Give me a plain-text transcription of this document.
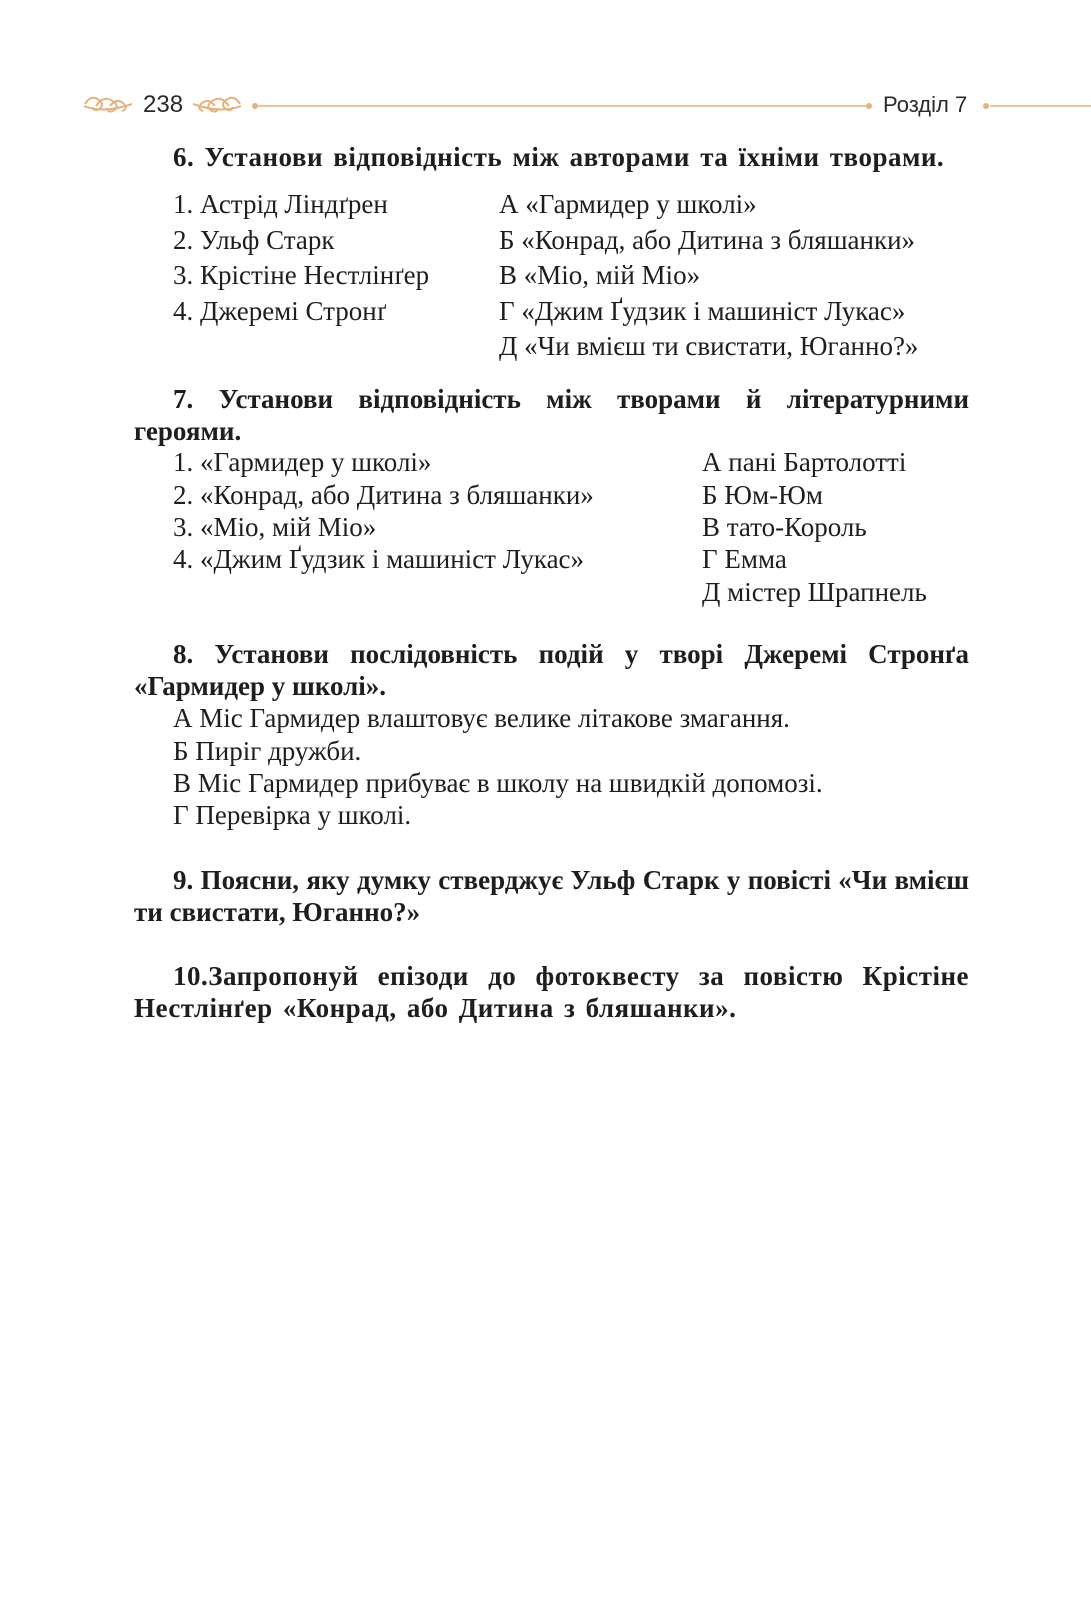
238	Розділ 7

6. Установи відповідність між авторами та їхніми творами.

1. Астрід Ліндґрен	А «Гармидер у школі»
2. Ульф Старк	Б «Конрад, або Дитина з бляшанки»
3. Крістіне Нестлінґер	В «Міо, мій Міо»
4. Джеремі Стронґ	Г «Джим Ґудзик і машиніст Лукас»
Д «Чи вмієш ти свистати, Юганно?»

7. Установи відповідність між творами й літературними героями.

1. «Гармидер у школі»	А пані Бартолотті
2. «Конрад, або Дитина з бляшанки»	Б Юм-Юм
3. «Міо, мій Міо»	В тато-Король
4. «Джим Ґудзик і машиніст Лукас»	Г Емма
Д містер Шрапнель

8. Установи послідовність подій у творі Джеремі Стронґа «Гармидер у школі».

А Міс Гармидер влаштовує велике літакове змагання.
Б Пиріг дружби.
В Міс Гармидер прибуває в школу на швидкій допомозі.
Г Перевірка у школі.

9. Поясни, яку думку стверджує Ульф Старк у повісті «Чи вмієш ти свистати, Юганно?»

10.Запропонуй епізоди до фотоквесту за повістю Крістіне Нестлінґер «Конрад, або Дитина з бляшанки».
